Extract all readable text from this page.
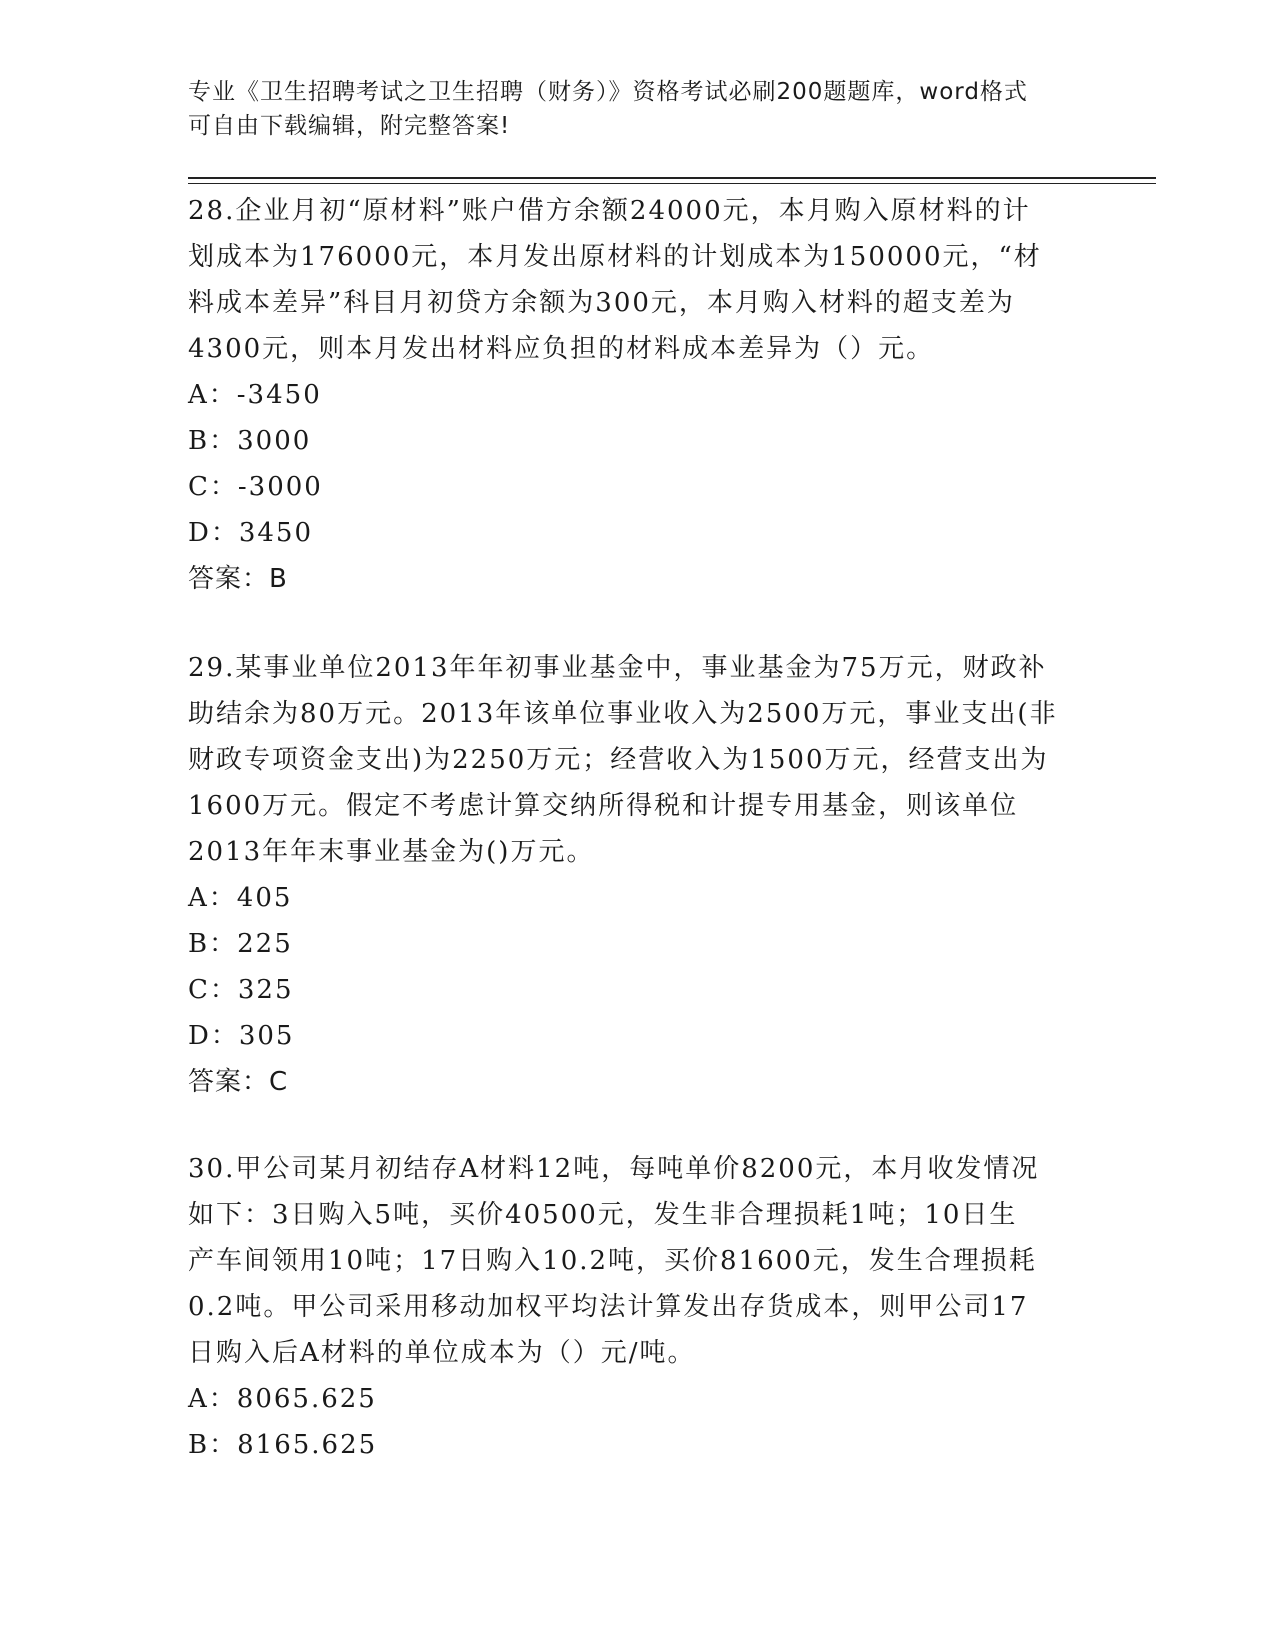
专业《卫生招聘考试之卫生招聘（财务）》资格考试必刷200题题库，word格式
可自由下载编辑，附完整答案!
28.企业月初“原材料”账户借方余额24000元，本月购入原材料的计
划成本为176000元，本月发出原材料的计划成本为150000元，“材
料成本差异”科目月初贷方余额为300元，本月购入材料的超支差为
4300元，则本月发出材料应负担的材料成本差异为（）元。
A：-3450
B：3000
C：-3000
D：3450
答案：B
29.某事业单位2013年年初事业基金中，事业基金为75万元，财政补
助结余为80万元。2013年该单位事业收入为2500万元，事业支出(非
财政专项资金支出)为2250万元；经营收入为1500万元，经营支出为
1600万元。假定不考虑计算交纳所得税和计提专用基金，则该单位
2013年年末事业基金为()万元。
A：405
B：225
C：325
D：305
答案：C
30.甲公司某月初结存A材料12吨，每吨单价8200元，本月收发情况
如下：3日购入5吨，买价40500元，发生非合理损耗1吨；10日生
产车间领用10吨；17日购入10.2吨，买价81600元，发生合理损耗
0.2吨。甲公司采用移动加权平均法计算发出存货成本，则甲公司17
日购入后A材料的单位成本为（）元/吨。
A：8065.625
B：8165.625
